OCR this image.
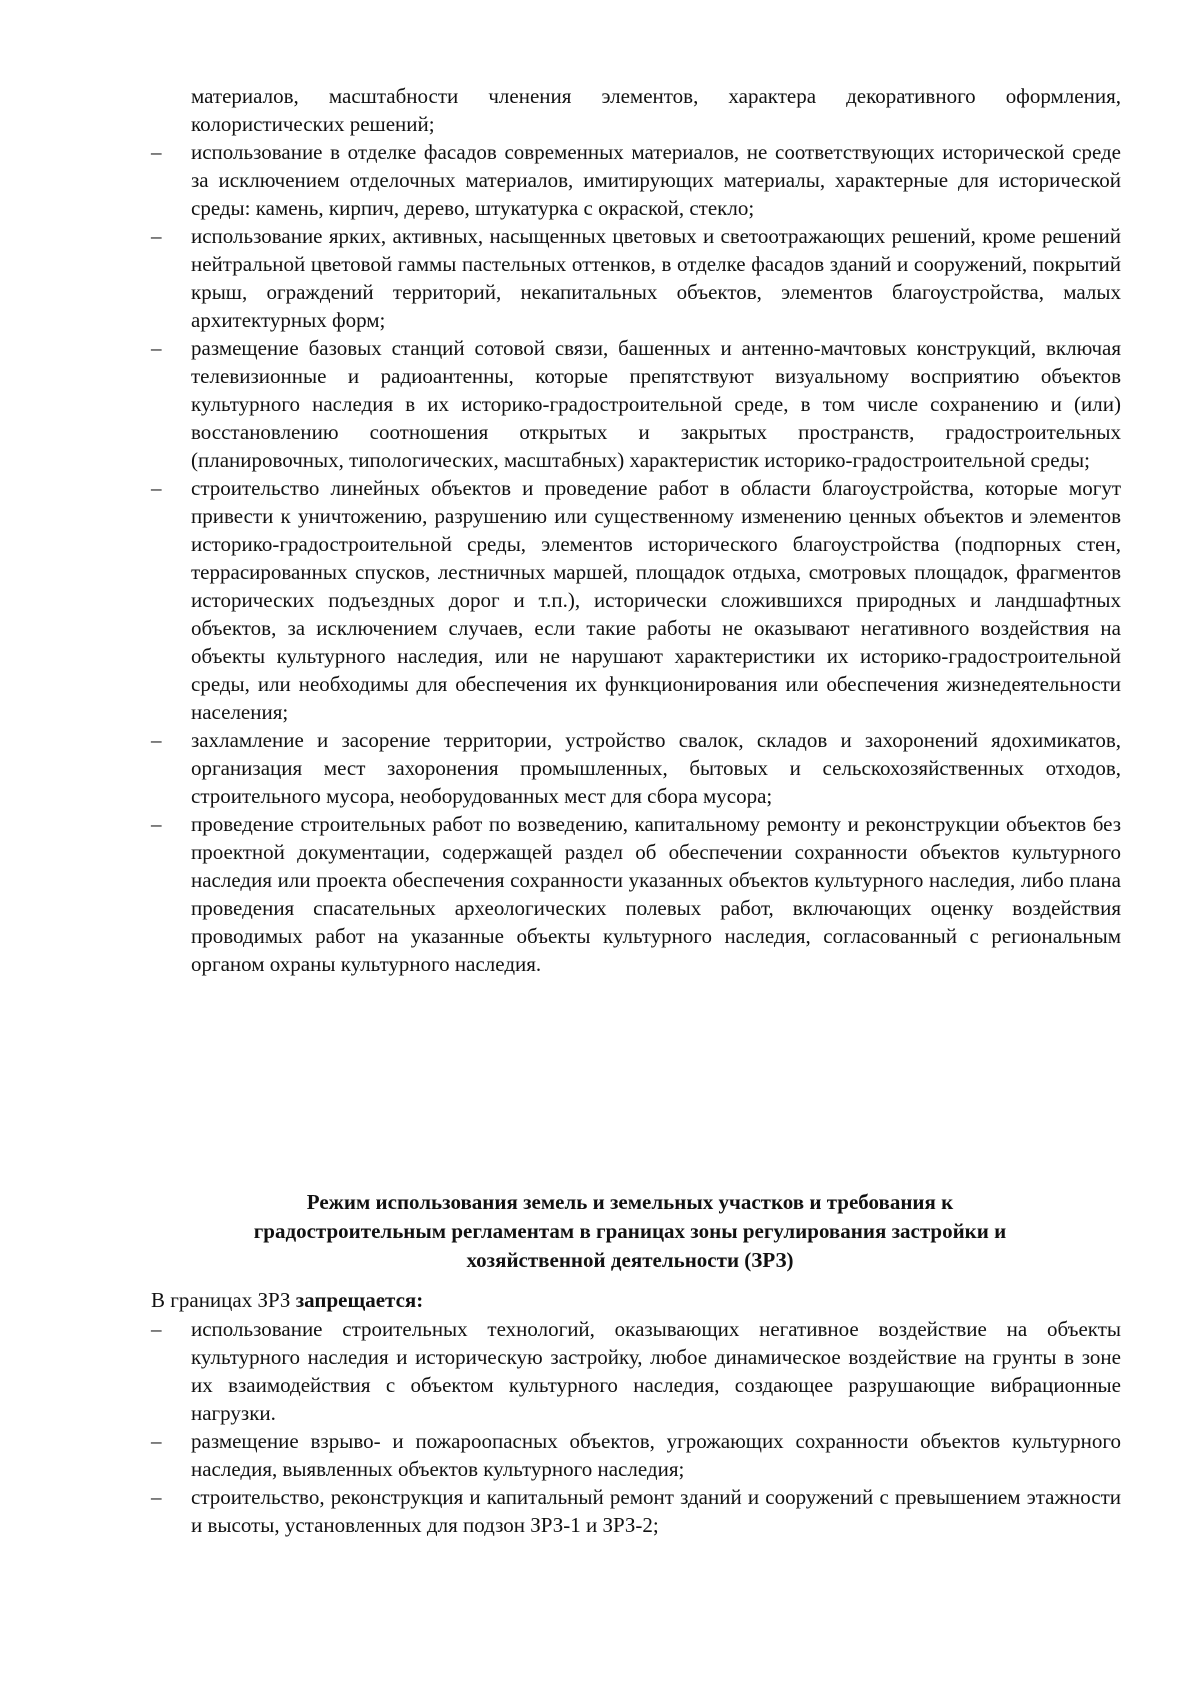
материалов, масштабности членения элементов, характера декоративного оформления, колористических решений;

–	использование в отделке фасадов современных материалов, не соответствующих исторической среде за исключением отделочных материалов, имитирующих материалы, характерные для исторической среды: камень, кирпич, дерево, штукатурка с окраской, стекло;

–	использование ярких, активных, насыщенных цветовых и светоотражающих решений, кроме решений нейтральной цветовой гаммы пастельных оттенков, в отделке фасадов зданий и сооружений, покрытий крыш, ограждений территорий, некапитальных объектов, элементов благоустройства, малых архитектурных форм;

–	размещение базовых станций сотовой связи, башенных и антенно-мачтовых конструкций, включая телевизионные и радиоантенны, которые препятствуют визуальному восприятию объектов культурного наследия в их историко-градостроительной среде, в том числе сохранению и (или) восстановлению соотношения открытых и закрытых пространств, градостроительных (планировочных, типологических, масштабных) характеристик историко-градостроительной среды;

–	строительство линейных объектов и проведение работ в области благоустройства, которые могут привести к уничтожению, разрушению или существенному изменению ценных объектов и элементов историко-градостроительной среды, элементов исторического благоустройства (подпорных стен, террасированных спусков, лестничных маршей, площадок отдыха, смотровых площадок, фрагментов исторических подъездных дорог и т.п.), исторически сложившихся природных и ландшафтных объектов, за исключением случаев, если такие работы не оказывают негативного воздействия на объекты культурного наследия, или не нарушают характеристики их историко-градостроительной среды, или необходимы для обеспечения их функционирования или обеспечения жизнедеятельности населения;

–	захламление и засорение территории, устройство свалок, складов и захоронений ядохимикатов, организация мест захоронения промышленных, бытовых и сельскохозяйственных отходов, строительного мусора, необорудованных мест для сбора мусора;

–	проведение строительных работ по возведению, капитальному ремонту и реконструкции объектов без проектной документации, содержащей раздел об обеспечении сохранности объектов культурного наследия или проекта обеспечения сохранности указанных объектов культурного наследия, либо плана проведения спасательных археологических полевых работ, включающих оценку воздействия проводимых работ на указанные объекты культурного наследия, согласованный с региональным органом охраны культурного наследия.

Режим использования земель и земельных участков и требования к

градостроительным регламентам в границах зоны регулирования застройки и

хозяйственной деятельности (ЗРЗ)

В границах ЗРЗ запрещается:

–	использование строительных технологий, оказывающих негативное воздействие на объекты культурного наследия и историческую застройку, любое динамическое воздействие на грунты в зоне их взаимодействия с объектом культурного наследия, создающее разрушающие вибрационные нагрузки.

–	размещение взрыво- и пожароопасных объектов, угрожающих сохранности объектов культурного наследия, выявленных объектов культурного наследия;

–	строительство, реконструкция и капитальный ремонт зданий и сооружений с превышением этажности и высоты, установленных для подзон ЗРЗ-1 и ЗРЗ-2;
